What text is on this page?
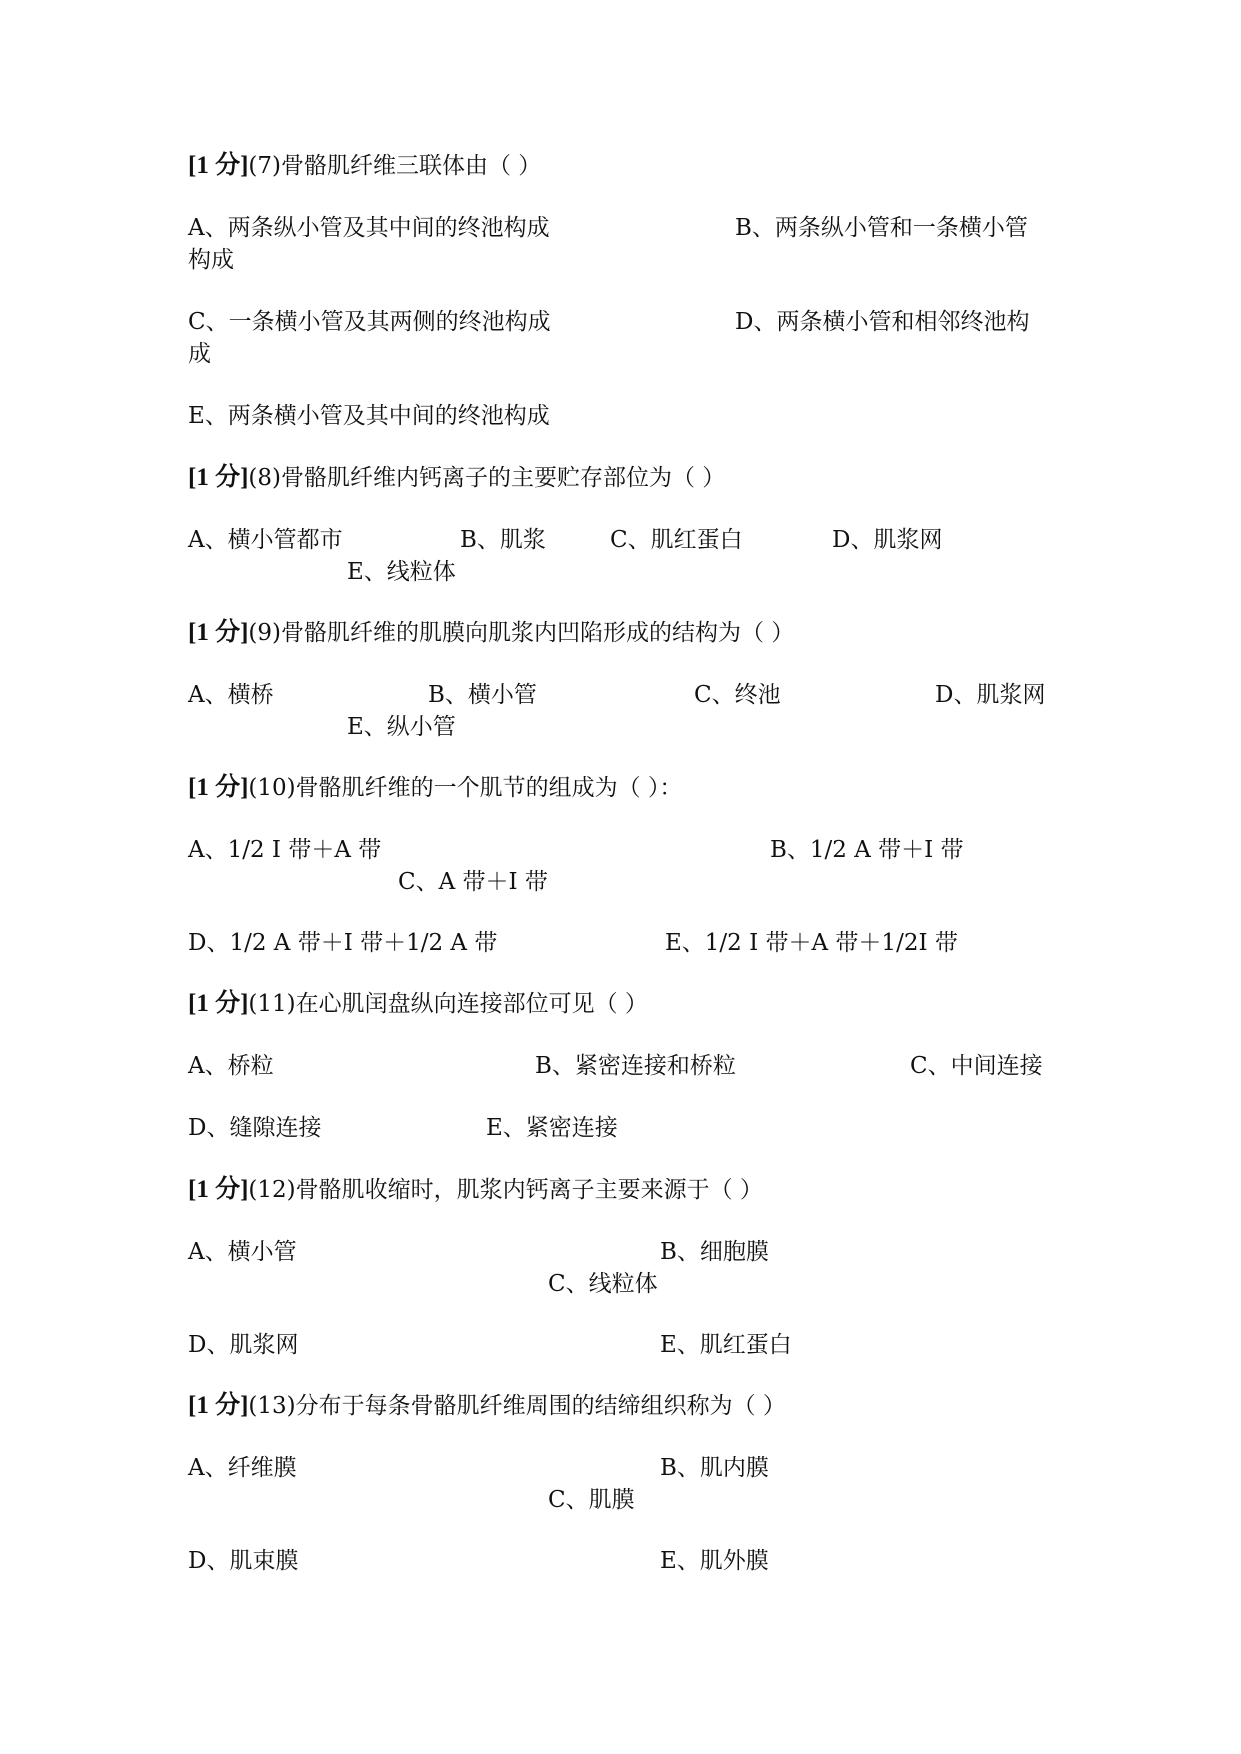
[1 分](7)骨骼肌纤维三联体由（ ）
A、两条纵小管及其中间的终池构成	B、两条纵小管和一条横小管
构成
C、一条横小管及其两侧的终池构成	D、两条横小管和相邻终池构
成
E、两条横小管及其中间的终池构成
[1 分](8)骨骼肌纤维内钙离子的主要贮存部位为（ ）
A、横小管都市	B、肌浆	C、肌红蛋白	D、肌浆网
E、线粒体
[1 分](9)骨骼肌纤维的肌膜向肌浆内凹陷形成的结构为（ ）
A、横桥	B、横小管	C、终池	D、肌浆网
E、纵小管
[1 分](10)骨骼肌纤维的一个肌节的组成为（ ）：
A、1/2 I 带＋A 带	B、1/2 A 带＋I 带
C、A 带＋I 带
D、1/2 A 带＋I 带＋1/2 A 带	E、1/2 I 带＋A 带＋1/2I 带
[1 分](11)在心肌闰盘纵向连接部位可见（ ）
A、桥粒	B、紧密连接和桥粒	C、中间连接
D、缝隙连接	E、紧密连接
[1 分](12)骨骼肌收缩时，肌浆内钙离子主要来源于（ ）
A、横小管	B、细胞膜
C、线粒体
D、肌浆网	E、肌红蛋白
[1 分](13)分布于每条骨骼肌纤维周围的结缔组织称为（ ）
A、纤维膜	B、肌内膜
C、肌膜
D、肌束膜	E、肌外膜
